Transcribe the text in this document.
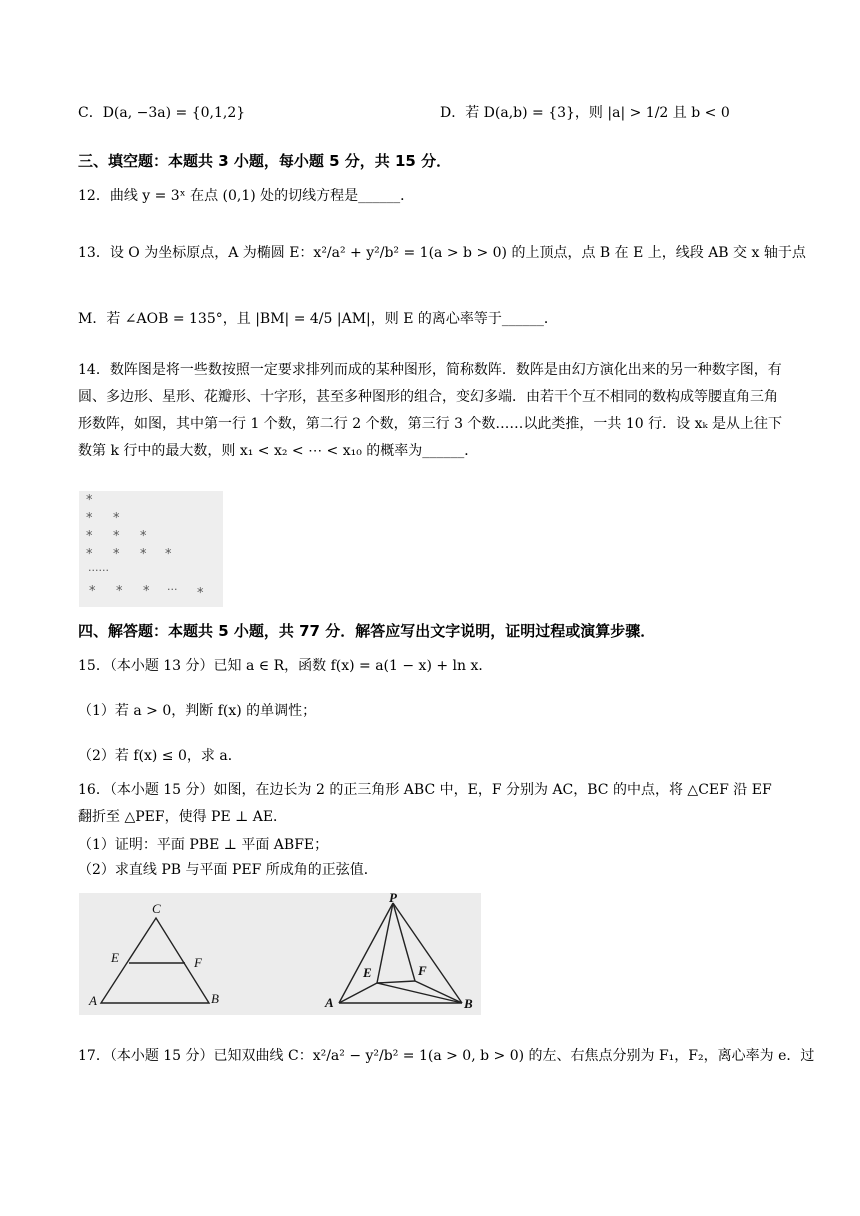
C．D(a, −3a) = {0,1,2}	D．若 D(a,b) = {3}，则 |a| > 1/2 且 b < 0
三、填空题：本题共 3 小题，每小题 5 分，共 15 分．
12．曲线 y = 3ˣ 在点 (0,1) 处的切线方程是______．
13．设 O 为坐标原点，A 为椭圆 E：x²/a² + y²/b² = 1(a > b > 0) 的上顶点，点 B 在 E 上，线段 AB 交 x 轴于点
M．若 ∠AOB = 135°，且 |BM| = 4/5 |AM|，则 E 的离心率等于______．
14．数阵图是将一些数按照一定要求排列而成的某种图形，简称数阵．数阵是由幻方演化出来的另一种数字图，有圆、多边形、星形、花瓣形、十字形，甚至多种图形的组合，变幻多端．由若干个互不相同的数构成等腰直角三角形数阵，如图，其中第一行 1 个数，第二行 2 个数，第三行 3 个数……以此类推，一共 10 行．设 xₖ 是从上往下数第 k 行中的最大数，则 x₁ < x₂ < ⋯ < x₁₀ 的概率为______．
*
* *
* * *
* * * *
......
* * * ··· *
四、解答题：本题共 5 小题，共 77 分．解答应写出文字说明，证明过程或演算步骤．
15．（本小题 13 分）已知 a ∈ R，函数 f(x) = a(1 − x) + ln x．
（1）若 a > 0，判断 f(x) 的单调性；
（2）若 f(x) ≤ 0，求 a．
16．（本小题 15 分）如图，在边长为 2 的正三角形 ABC 中，E，F 分别为 AC，BC 的中点，将 △CEF 沿 EF 翻折至 △PEF，使得 PE ⊥ AE．
（1）证明：平面 PBE ⊥ 平面 ABFE；
（2）求直线 PB 与平面 PEF 所成角的正弦值．
C
E	F
A	B
P
E	F
A	B
17．（本小题 15 分）已知双曲线 C：x²/a² − y²/b² = 1(a > 0, b > 0) 的左、右焦点分别为 F₁，F₂，离心率为 e．过
